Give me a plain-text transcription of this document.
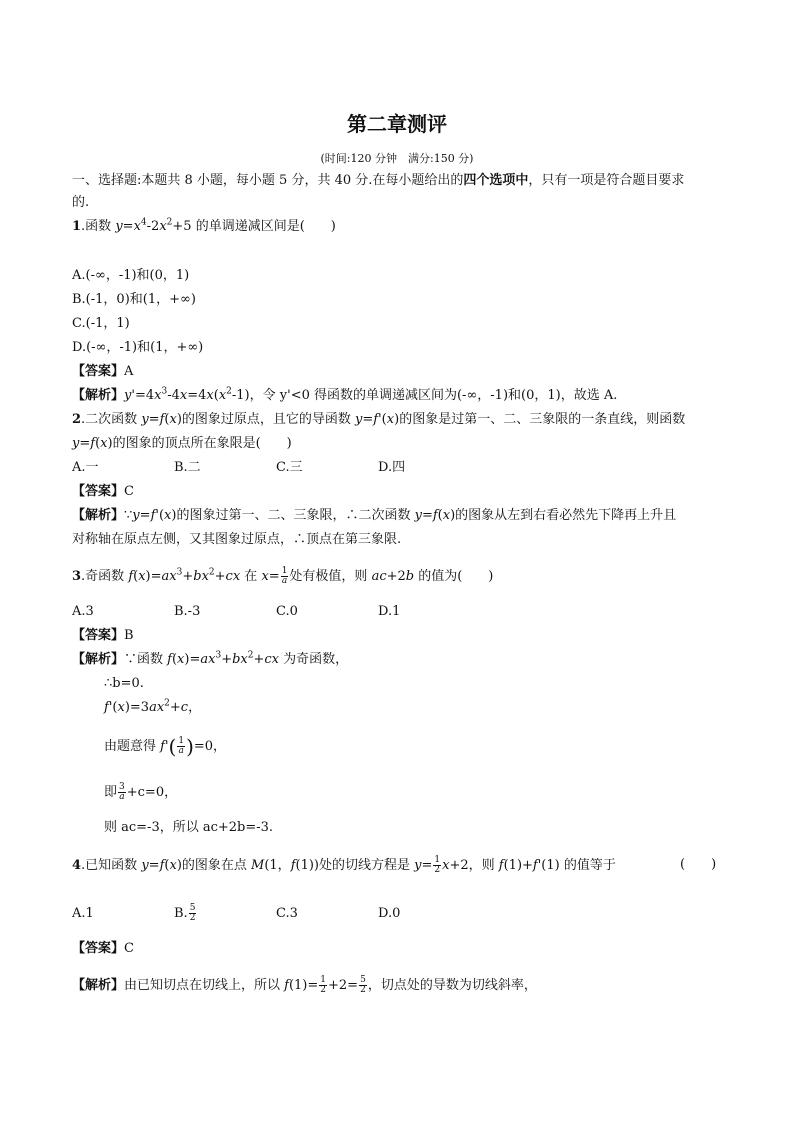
第二章测评
(时间:120 分钟　满分:150 分)
一、选择题:本题共 8 小题，每小题 5 分，共 40 分.在每小题给出的四个选项中，只有一项是符合题目要求
的.
1.函数 $y=x^4-2x^2+5$ 的单调递减区间是(　　)
A.(-∞，-1)和(0，1)
B.(-1，0)和(1，+∞)
C.(-1，1)
D.(-∞，-1)和(1，+∞)
【答案】A
【解析】$y'=4x^3-4x=4x(x^2-1)$，令 y'<0 得函数的单调递减区间为(-∞，-1)和(0，1)，故选 A.
2.二次函数 y=f(x)的图象过原点，且它的导函数 y=f'(x)的图象是过第一、二、三象限的一条直线，则函数
y=f(x)的图象的顶点所在象限是(　　)
A.一	B.二	C.三	D.四
【答案】C
【解析】∵y=f'(x)的图象过第一、二、三象限，∴二次函数 y=f(x)的图象从左到右看必然先下降再上升且
对称轴在原点左侧，又其图象过原点，∴顶点在第三象限.
3.奇函数 $f(x)=ax^3+bx^2+cx$ 在 $x= \frac{1}{a}$ 处有极值，则 ac+2b 的值为(　　)
A.3	B.-3	C.0	D.1
【答案】B
【解析】∵函数 $f(x)=ax^3+bx^2+cx$ 为奇函数，
∴b=0.
$f'(x)=3ax^2+c$，
由题意得 $f'( \frac{1}{a} )=0$，
即 $\frac{3}{a} +c=0$，
则 ac=-3，所以 ac+2b=-3.
4.已知函数 y=f(x)的图象在点 M(1，f(1))处的切线方程是 $y= \frac{1}{2} x+2$，则 f(1)+f'(1) 的值等于	(　　)
A.1	B. $\frac{5}{2}$	C.3	D.0
【答案】C
【解析】由已知切点在切线上，所以 $f(1)= \frac{1}{2} +2= \frac{5}{2}$ ，切点处的导数为切线斜率，
